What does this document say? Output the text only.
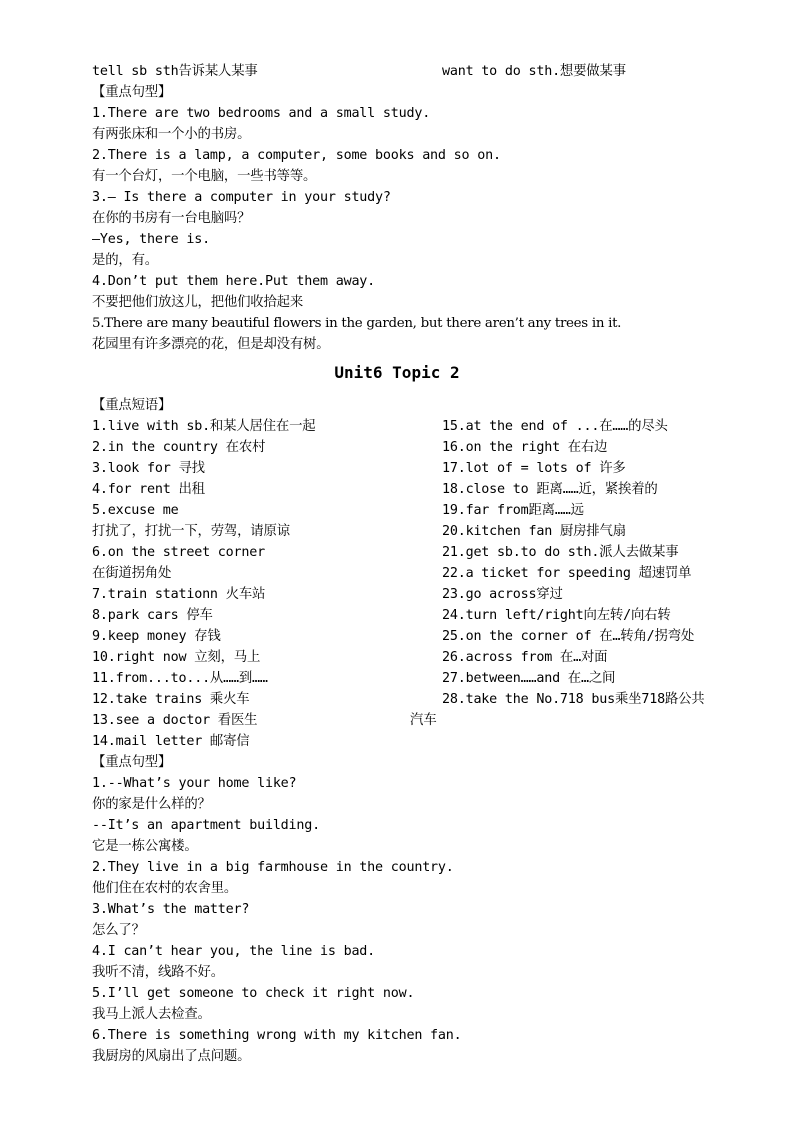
tell sb sth告诉某人某事	want to do sth.想要做某事
【重点句型】
1.There are two bedrooms and a small study.
有两张床和一个小的书房。
2.There is a lamp, a computer, some books and so on.
有一个台灯，一个电脑，一些书等等。
3.— Is there a computer in your study?
在你的书房有一台电脑吗？
—Yes, there is.
是的，有。
4.Don’t put them here.Put them away.
不要把他们放这儿，把他们收拾起来
5.There are many beautiful flowers in the garden, but there aren’t any trees in it.
花园里有许多漂亮的花，但是却没有树。
Unit6 Topic 2
【重点短语】
1.live with sb.和某人居住在一起
2.in the country 在农村
3.look for 寻找
4.for rent 出租
5.excuse me
打扰了，打扰一下，劳驾，请原谅
6.on the street corner
在街道拐角处
7.train stationn 火车站
8.park cars 停车
9.keep money 存钱
10.right now 立刻，马上
11.from...to...从……到……
12.take trains 乘火车
13.see a doctor 看医生
14.mail letter 邮寄信
15.at the end of ...在……的尽头
16.on the right 在右边
17.lot of = lots of 许多
18.close to 距离……近，紧挨着的
19.far from距离……远
20.kitchen fan 厨房排气扇
21.get sb.to do sth.派人去做某事
22.a ticket for speeding 超速罚单
23.go across穿过
24.turn left/right向左转/向右转
25.on the corner of 在…转角/拐弯处
26.across from 在…对面
27.between……and 在…之间
28.take the No.718 bus乘坐718路公共
汽车
【重点句型】
1.--What’s your home like?
你的家是什么样的？
--It’s an apartment building.
它是一栋公寓楼。
2.They live in a big farmhouse in the country.
他们住在农村的农舍里。
3.What’s the matter?
怎么了？
4.I can’t hear you, the line is bad.
我听不清，线路不好。
5.I’ll get someone to check it right now.
我马上派人去检查。
6.There is something wrong with my kitchen fan.
我厨房的风扇出了点问题。
